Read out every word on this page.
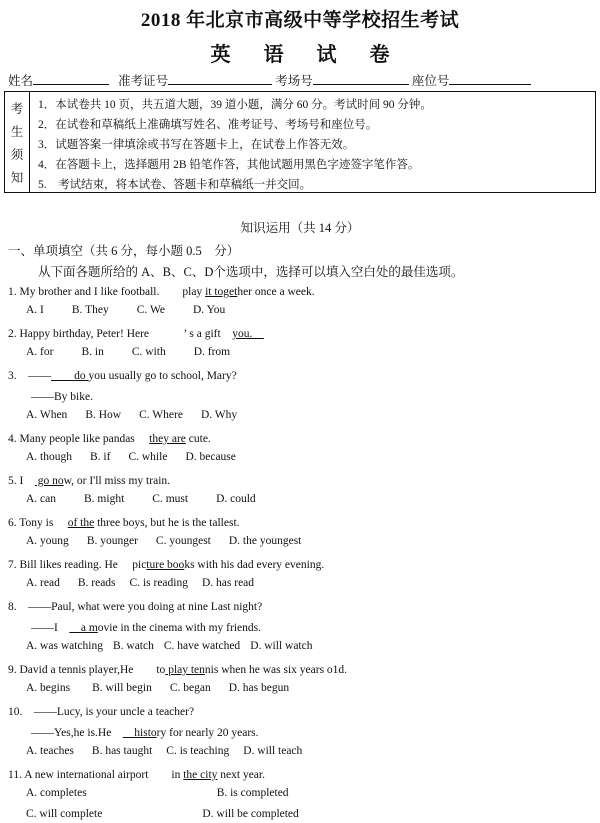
2018 年北京市高级中等学校招生考试
英 语 试 卷
姓名	准考证号	考场号	座位号
考
生
须
知
1．本试卷共 10 页，共五道大题，39 道小题，满分 60 分。考试时间 90 分钟。
2．在试卷和草稿纸上准确填写姓名、准考证号、考场号和座位号。
3．试题答案一律填涂或书写在答题卡上，在试卷上作答无效。
4．在答题卡上，选择题用 2B 铅笔作答，其他试题用黑色字迹签字笔作答。
5.　考试结束，将本试卷、答题卡和草稿纸一并交回。
知识运用（共 14 分）
一、单项填空（共 6 分，每小题 0.5　分）
从下面各题所给的 A、B、C、D个选项中，选择可以填入空白处的最佳选项。
1. My brother and I like football.　　play it together once a week.
A. I B. They C. We D. You
2. Happy birthday, Peter! Here　　　’ s a gift　you.　
A. for B. in C. with D. from
3.　——　　do you usually go to school, Mary?
　　——By bike.
A. When B. How C. Where D. Why
4. Many people like pandas　 they are cute.
A. though B. if C. while D. because
5. I　 go now, or I'll miss my train.
A. can B. might C. must D. could
6. Tony is　 of the three boys, but he is the tallest.
A. young B. younger C. youngest D. the youngest
7. Bill likes reading. He　 picture books with his dad every evening.
A. read B. reads C. is reading D. has read
8.　——Paul, what were you doing at nine Last night?
　　——I　　a movie in the cinema with my friends.
A. was watching B. watch C. have watched D. will watch
9. David a tennis player,He　　to play tennis when he was six years o1d.
A. begins B. will begin C. began D. has begun
10.　——Lucy, is your uncle a teacher?
　　——Yes,he is.He　　history for nearly 20 years.
A. teaches B. has taught C. is teaching D. will teach
11. A new international airport　　in the city next year.
A. completes	B. is completed
C. will complete	D. will be completed
